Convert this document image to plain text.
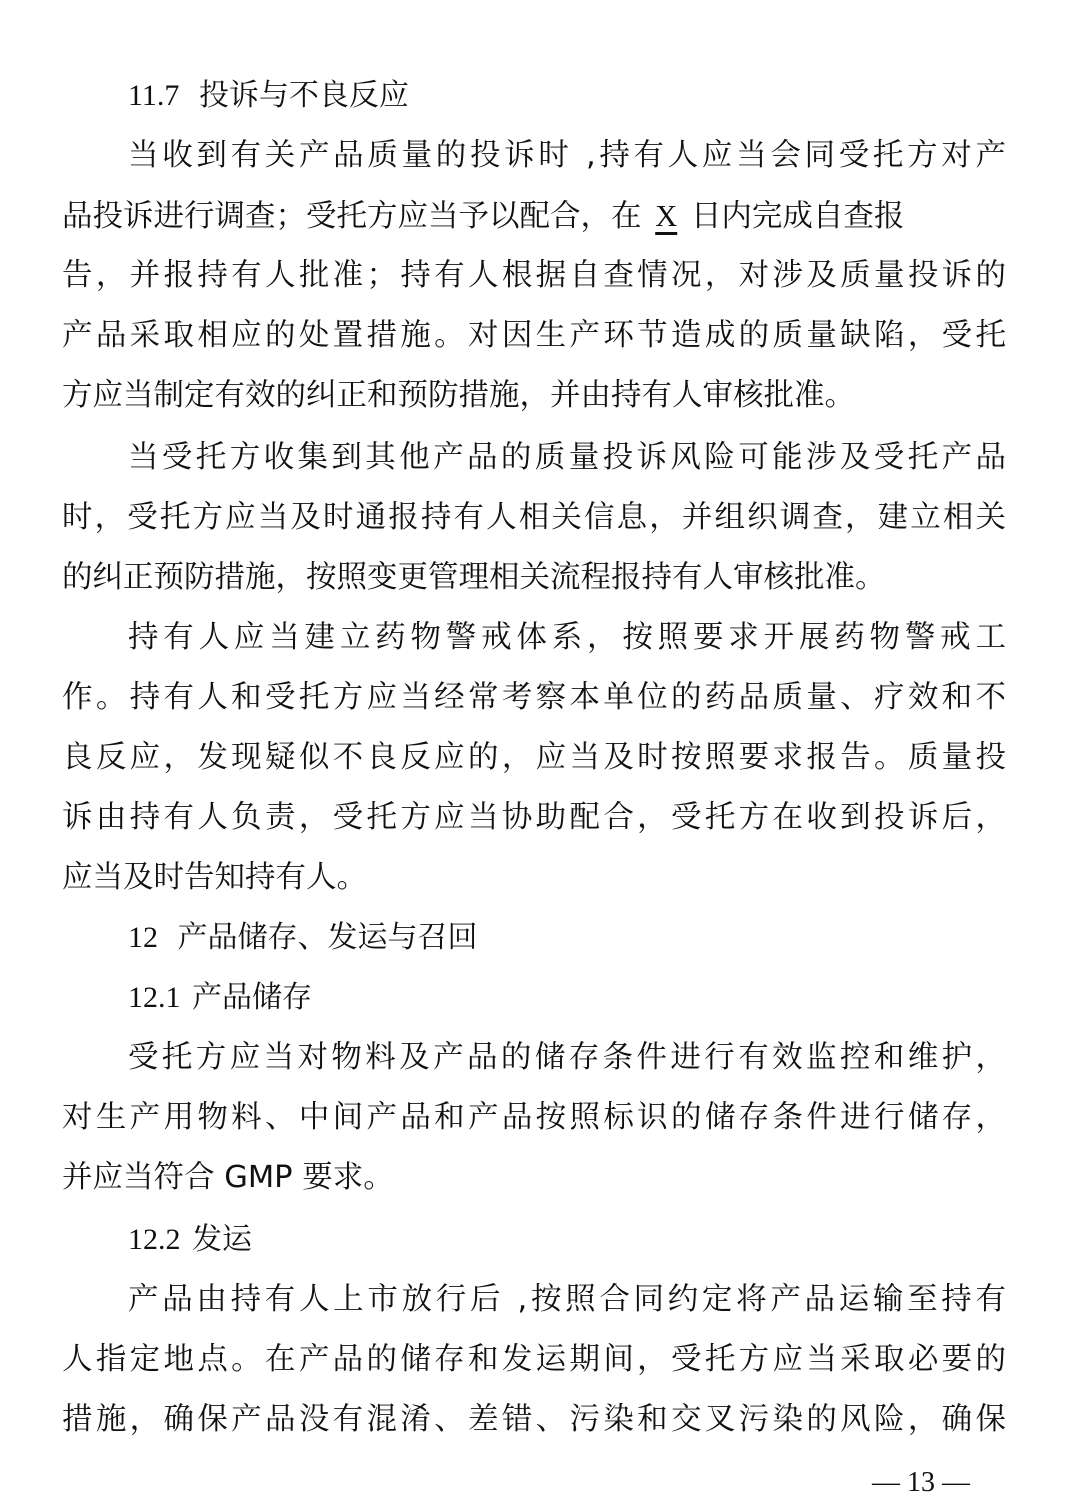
11.7 投诉与不良反应
当收到有关产品质量的投诉时 ,持有人应当会同受托方对产
品投诉进行调查；受托方应当予以配合，在 X 日内完成自查报
告，并报持有人批准；持有人根据自查情况，对涉及质量投诉的
产品采取相应的处置措施。对因生产环节造成的质量缺陷，受托
方应当制定有效的纠正和预防措施，并由持有人审核批准。
当受托方收集到其他产品的质量投诉风险可能涉及受托产品
时，受托方应当及时通报持有人相关信息，并组织调查，建立相关
的纠正预防措施，按照变更管理相关流程报持有人审核批准。
持有人应当建立药物警戒体系，按照要求开展药物警戒工
作。持有人和受托方应当经常考察本单位的药品质量、疗效和不
良反应，发现疑似不良反应的，应当及时按照要求报告。质量投
诉由持有人负责，受托方应当协助配合，受托方在收到投诉后，
应当及时告知持有人。
12 产品储存、发运与召回
12.1 产品储存
受托方应当对物料及产品的储存条件进行有效监控和维护，
对生产用物料、中间产品和产品按照标识的储存条件进行储存，
并应当符合 GMP 要求。
12.2 发运
产品由持有人上市放行后 ,按照合同约定将产品运输至持有
人指定地点。在产品的储存和发运期间，受托方应当采取必要的
措施，确保产品没有混淆、差错、污染和交叉污染的风险，确保
— 13 —
